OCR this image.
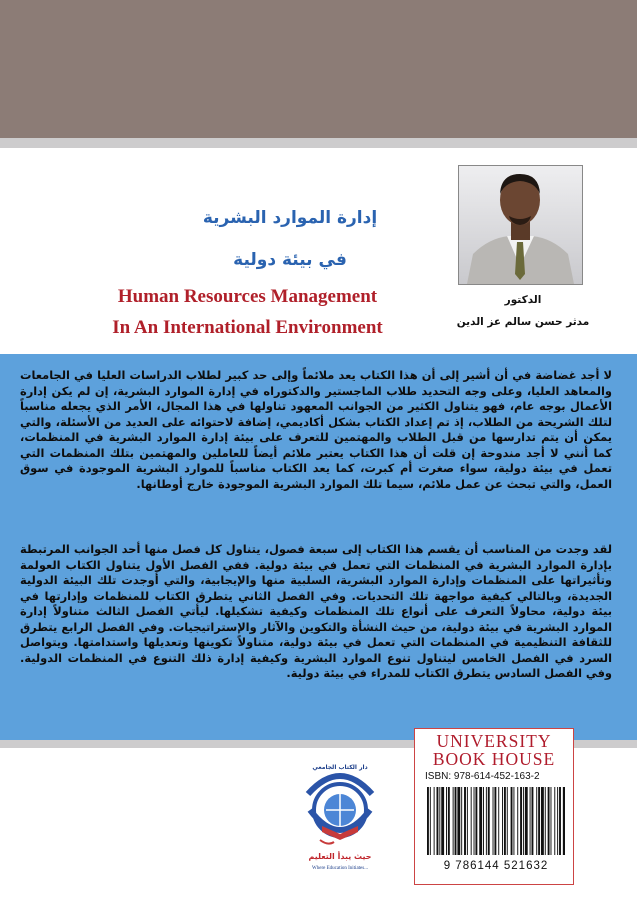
إدارة الموارد البشرية
في بيئة دولية
Human Resources Management
In An International Environment
الدكتور
مدثر حسن سالم عز الدين
لا أجد غضاضة في أن أشير إلى أن هذا الكتاب يعد ملائماً وإلى حد كبير لطلاب الدراسات العليا في الجامعات والمعاهد العليا، وعلى وجه التحديد طلاب الماجستير والدكتوراه في إدارة الموارد البشرية، إن لم يكن إدارة الأعمال بوجه عام، فهو يتناول الكثير من الجوانب المعهود تناولها في هذا المجال، الأمر الذي يجعله مناسباً لتلك الشريحة من الطلاب، إذ تم إعداد الكتاب بشكل أكاديمي، إضافة لاحتوائه على العديد من الأسئلة، والتي يمكن أن يتم تدارسها من قبل الطلاب والمهتمين للتعرف على بيئة إدارة الموارد البشرية في المنظمات، كما أنني لا أجد مندوحة إن قلت أن هذا الكتاب يعتبر ملائم أيضاً للعاملين والمهتمين بتلك المنظمات التي تعمل في بيئة دولية، سواء صغرت أم كبرت، كما يعد الكتاب مناسباً للموارد البشرية الموجودة في سوق العمل، والتي تبحث عن عمل ملائم، سيما تلك الموارد البشرية الموجودة خارج أوطانها.
لقد وجدت من المناسب أن يقسم هذا الكتاب إلى سبعة فصول، يتناول كل فصل منها أحد الجوانب المرتبطة بإدارة الموارد البشرية في المنظمات التي تعمل في بيئة دولية. ففي الفصل الأول يتناول الكتاب العولمة وتأثيراتها على المنظمات وإدارة الموارد البشرية، السلبية منها والإيجابية، والتي أوجدت تلك البيئة الدولية الجديدة، وبالتالي كيفية مواجهة تلك التحديات. وفي الفصل الثاني يتطرق الكتاب للمنظمات وإدارتها في بيئة دولية، محاولاً التعرف على أنواع تلك المنظمات وكيفية تشكيلها. ليأتي الفصل الثالث متناولاً إدارة الموارد البشرية في بيئة دولية، من حيث النشأة والتكوين والآثار والإستراتيجيات. وفي الفصل الرابع يتطرق للثقافة التنظيمية في المنظمات التي تعمل في بيئة دولية، متناولاً تكوينها وتعديلها واستدامتها. ويتواصل السرد في الفصل الخامس ليتناول تنوع الموارد البشرية وكيفية إدارة ذلك التنوع في المنظمات الدولية. وفي الفصل السادس يتطرق الكتاب للمدراء في بيئة دولية.
دار الكتاب الجامعي
حيث يبدأ التعليم
Where Education Initiates...
UNIVERSITY
BOOK HOUSE
ISBN: 978-614-452-163-2
9 786144 521632
